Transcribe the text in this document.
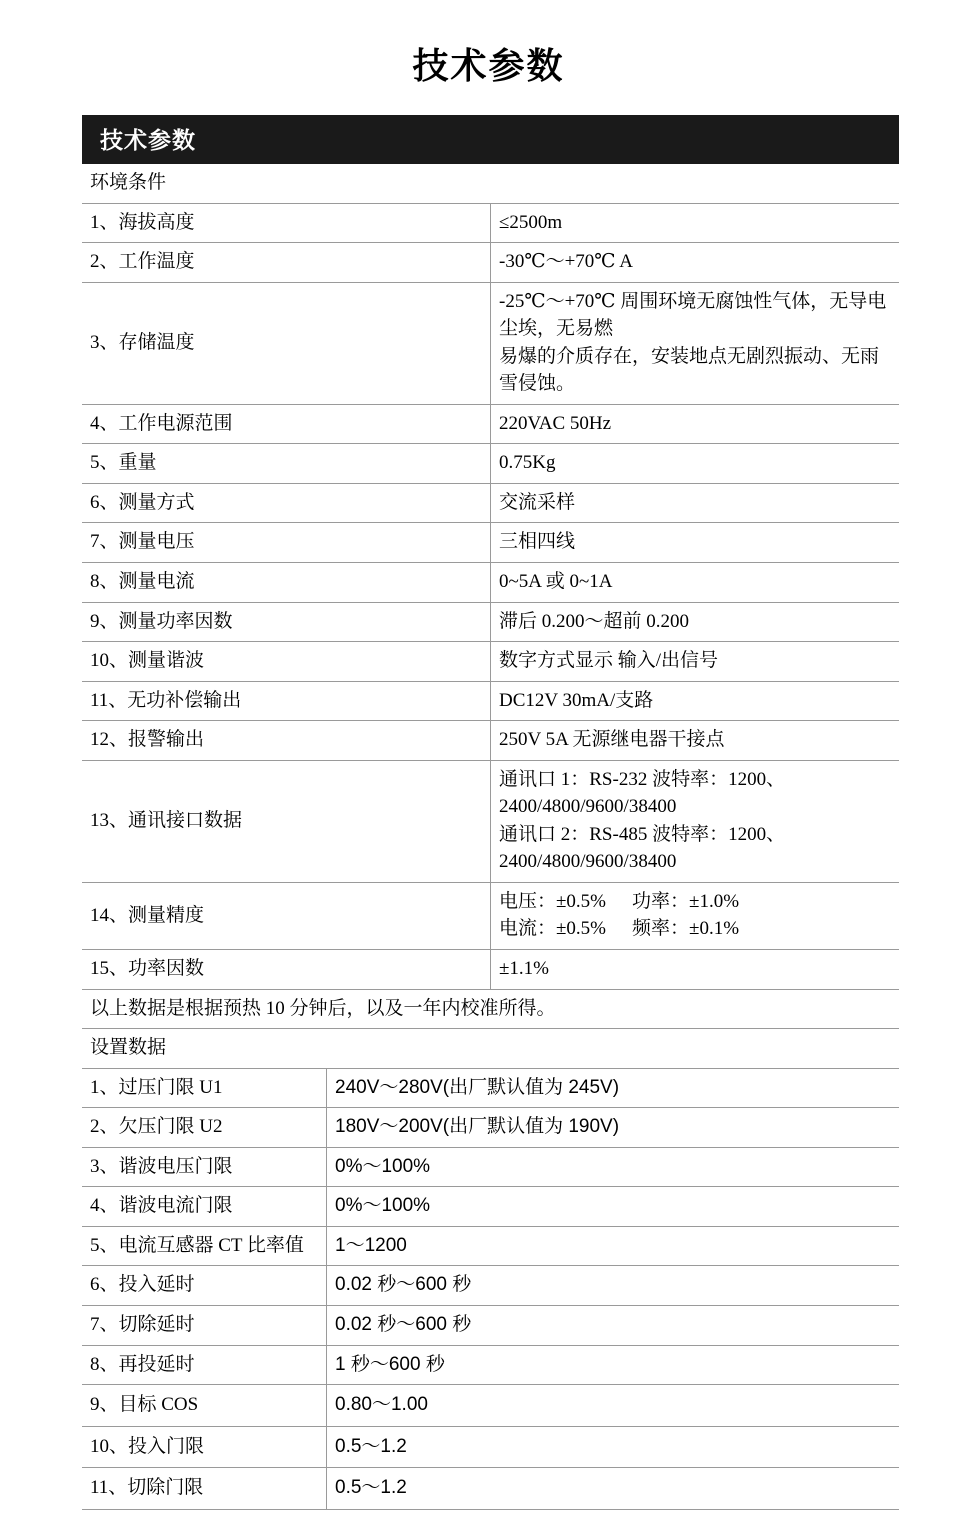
技术参数
技术参数
环境条件	
1、海拔高度	≤2500m
2、工作温度	-30℃～+70℃ A
3、存储温度	-25℃～+70℃ 周围环境无腐蚀性气体，无导电尘埃，无易燃
易爆的介质存在，安装地点无剧烈振动、无雨雪侵蚀。

4、工作电源范围	220VAC 50Hz
5、重量	0.75Kg
6、测量方式	交流采样
7、测量电压	三相四线
8、测量电流	0~5A 或 0~1A
9、测量功率因数	滞后 0.200～超前 0.200
10、测量谐波	数字方式显示 输入/出信号
11、无功补偿输出	DC12V 30mA/支路
12、报警输出	250V 5A 无源继电器干接点
13、通讯接口数据	通讯口 1：RS-232 波特率：1200、2400/4800/9600/38400
通讯口 2：RS-485 波特率：1200、2400/4800/9600/38400

14、测量精度	电压：±0.5% 功率：±1.0%
电流：±0.5% 频率：±0.1%

15、功率因数	±1.1%
以上数据是根据预热 10 分钟后，以及一年内校准所得。	
设置数据	
1、过压门限 U1	240V～280V(出厂默认值为 245V)
2、欠压门限 U2	180V～200V(出厂默认值为 190V)
3、谐波电压门限	0%～100%
4、谐波电流门限	0%～100%
5、电流互感器 CT 比率值	1～1200
6、投入延时	0.02 秒～600 秒
7、切除延时	0.02 秒～600 秒
8、再投延时	1 秒～600 秒
9、目标 COS	0.80～1.00
10、投入门限	0.5～1.2
11、切除门限	0.5～1.2
